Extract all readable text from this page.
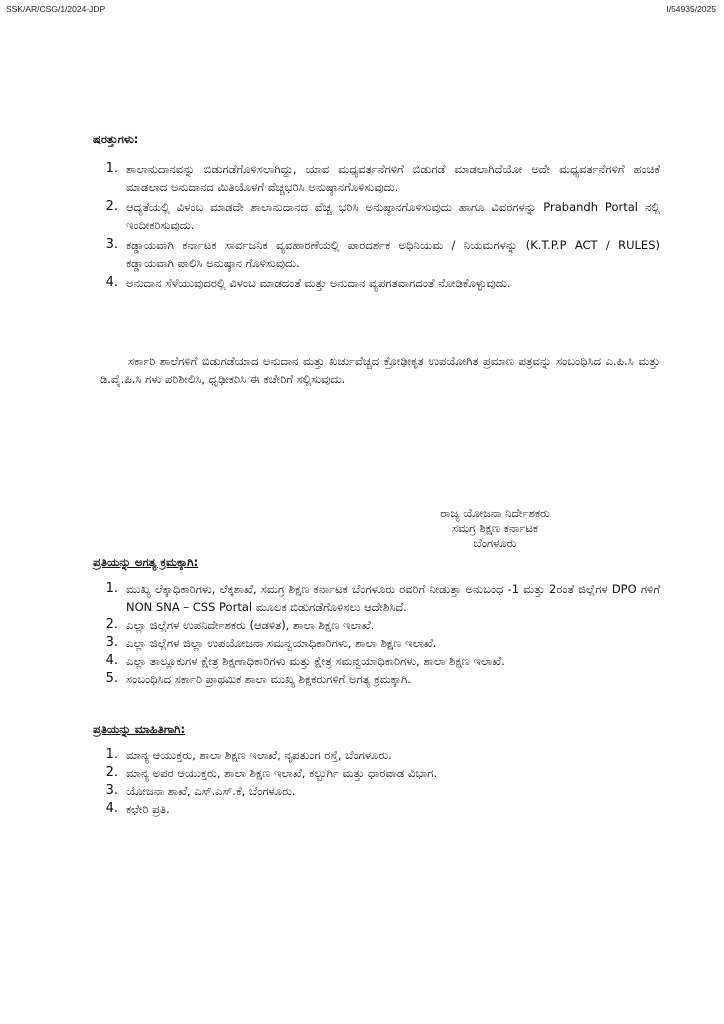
SSK/AR/CSG/1/2024-JDP	I/54935/2025
ಷರತ್ತುಗಳು:
1. ಶಾಲಾನುದಾನವನ್ನು ಬಿಡುಗಡೆಗೊಳಿಸಲಾಗಿದ್ದು, ಯಾವ ಮಧ್ಯವರ್ತನೆಗಳಿಗೆ ಬಿಡುಗಡೆ ಮಾಡಲಾಗಿದೆಯೋ ಅದೇ ಮಧ್ಯವರ್ತನೆಗಳಿಗೆ ಹಂಚಿಕೆ ಮಾಡಲಾದ ಅನುದಾನದ ಮಿತಿಯೊಳಗೆ ವೆಚ್ಚಭರಿಸಿ ಅನುಷ್ಠಾನಗೊಳಿಸುವುದು.
2. ಆದ್ಯತೆಯಲ್ಲಿ ವಿಳಂಬ ಮಾಡದೇ ಶಾಲಾನುದಾನದ ವೆಚ್ಚ ಭರಿಸಿ ಅನುಷ್ಠಾನಗೊಳಿಸುವುದು ಹಾಗೂ ವಿವರಗಳನ್ನು Prabandh Portal ನಲ್ಲಿ ಇಂದೀಕರಿಸುವುದು.
3. ಕಡ್ಡಾಯವಾಗಿ ಕರ್ನಾಟಕ ಸಾರ್ವಜನಿಕ ವ್ಯವಹಾರಣೆಯಲ್ಲಿ ಪಾರದರ್ಶಕ ಅಧಿನಿಯಮ / ನಿಯಮಗಳನ್ನು (K.T.P.P ACT / RULES) ಕಡ್ಡಾಯವಾಗಿ ಪಾಲಿಸಿ ಅನುಷ್ಠಾನ ಗೊಳಿಸುವುದು.
4. ಅನುದಾನ ಸೆಳೆಯುವುದರಲ್ಲಿ ವಿಳಂಬ ಮಾಡದಂತೆ ಮತ್ತು ಅನುದಾನ ವ್ಯಪಗತವಾಗದಂತೆ ನೋಡಿಕೊಳ್ಳುವುದು.
ಸರ್ಕಾರಿ ಶಾಲೆಗಳಿಗೆ ಬಿಡುಗಡೆಯಾದ ಅನುದಾನ ಮತ್ತು ಖರ್ಚುವೆಚ್ಚದ ಕ್ರೋಢೀಕೃತ ಉಪಯೋಗಿತ ಪ್ರಮಾಣ ಪತ್ರವನ್ನು ಸಂಬಂಧಿಸಿದ ಎ.ಪಿ.ಸಿ ಮತ್ತು ಡಿ.ವೈ.ಪಿ.ಸಿ ಗಳು ಪರಿಶೀಲಿಸಿ, ಧೃಢೀಕರಿಸಿ ಈ ಕಚೇರಿಗೆ ಸಲ್ಲಿಸುವುದು.
ರಾಜ್ಯ ಯೋಜನಾ ನಿರ್ದೇಶಕರು
ಸಮಗ್ರ ಶಿಕ್ಷಣ ಕರ್ನಾಟಕ
ಬೆಂಗಳೂರು
ಪ್ರತಿಯನ್ನು ಅಗತ್ಯ ಕ್ರಮಕ್ಕಾಗಿ:
1. ಮುಖ್ಯ ಲೆಕ್ಕಾಧಿಕಾರಿಗಳು, ಲೆಕ್ಕಶಾಖೆ, ಸಮಗ್ರ ಶಿಕ್ಷಣ ಕರ್ನಾಟಕ ಬೆಂಗಳೂರು ರವರಿಗೆ ನೀಡುತ್ತಾ ಅನುಬಂಧ -1 ಮತ್ತು 2ರಂತೆ ಜಿಲ್ಲೆಗಳ DPO ಗಳಿಗೆ NON SNA – CSS Portal ಮೂಲಕ ಬಿಡುಗಡೆಗೊಳಿಸಲು ಆದೇಶಿಸಿದೆ.
2. ಎಲ್ಲಾ ಜಿಲ್ಲೆಗಳ ಉಪನಿರ್ದೇಶಕರು (ಆಡಳಿತ), ಶಾಲಾ ಶಿಕ್ಷಣ ಇಲಾಖೆ.
3. ಎಲ್ಲಾ ಜಿಲ್ಲೆಗಳ ಜಿಲ್ಲಾ ಉಪಯೋಜನಾ ಸಮನ್ವಯಾಧಿಕಾರಿಗಳು, ಶಾಲಾ ಶಿಕ್ಷಣ ಇಲಾಖೆ.
4. ಎಲ್ಲಾ ತಾಲ್ಲೂಕುಗಳ ಕ್ಷೇತ್ರ ಶಿಕ್ಷಣಾಧಿಕಾರಿಗಳು ಮತ್ತು ಕ್ಷೇತ್ರ ಸಮನ್ವಯಾಧಿಕಾರಿಗಳು, ಶಾಲಾ ಶಿಕ್ಷಣ ಇಲಾಖೆ.
5. ಸಂಬಂಧಿಸಿದ ಸರ್ಕಾರಿ ಪ್ರಾಥಮಿಕ ಶಾಲಾ ಮುಖ್ಯ ಶಿಕ್ಷಕರುಗಳಿಗೆ ಅಗತ್ಯ ಕ್ರಮಕ್ಕಾಗಿ.
ಪ್ರತಿಯನ್ನು ಮಾಹಿತಿಗಾಗಿ:
1. ಮಾನ್ಯ ಆಯುಕ್ತರು, ಶಾಲಾ ಶಿಕ್ಷಣ ಇಲಾಖೆ, ನೃಪತುಂಗ ರಸ್ತೆ, ಬೆಂಗಳೂರು.
2. ಮಾನ್ಯ ಅಪರ ಆಯುಕ್ತರು, ಶಾಲಾ ಶಿಕ್ಷಣ ಇಲಾಖೆ, ಕಲ್ಬುರ್ಗಿ ಮತ್ತು ಧಾರವಾಡ ವಿಭಾಗ.
3. ಯೋಜನಾ ಶಾಖೆ, ಎಸ್.ಎಸ್.ಕೆ, ಬೆಂಗಳೂರು.
4. ಕಛೇರಿ ಪ್ರತಿ.
